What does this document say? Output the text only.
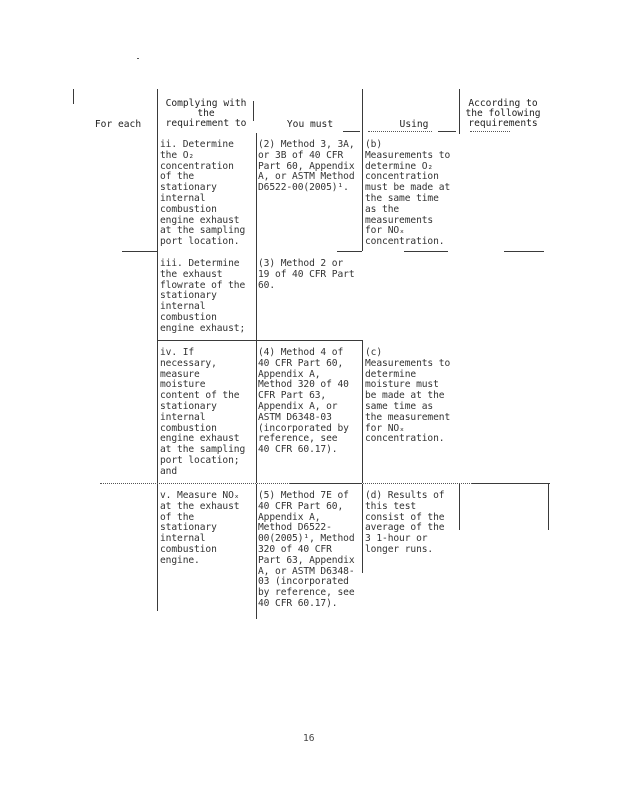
For each
Complying with
the
requirement to	You must	Using
According to
the following
requirements
ii. Determine
the O₂
concentration
of the
stationary
internal
combustion
engine exhaust
at the sampling
port location.
(2) Method 3, 3A,
or 3B of 40 CFR
Part 60, Appendix
A, or ASTM Method
D6522-00(2005)¹.
(b)
Measurements to
determine O₂
concentration
must be made at
the same time
as the
measurements
for NOₓ
concentration.
iii. Determine
the exhaust
flowrate of the
stationary
internal
combustion
engine exhaust;
(3) Method 2 or
19 of 40 CFR Part
60.
iv. If
necessary,
measure
moisture
content of the
stationary
internal
combustion
engine exhaust
at the sampling
port location;
and
(4) Method 4 of
40 CFR Part 60,
Appendix A,
Method 320 of 40
CFR Part 63,
Appendix A, or
ASTM D6348-03
(incorporated by
reference, see
40 CFR 60.17).
(c)
Measurements to
determine
moisture must
be made at the
same time as
the measurement
for NOₓ
concentration.
v. Measure NOₓ
at the exhaust
of the
stationary
internal
combustion
engine.
(5) Method 7E of
40 CFR Part 60,
Appendix A,
Method D6522-
00(2005)¹, Method
320 of 40 CFR
Part 63, Appendix
A, or ASTM D6348-
03 (incorporated
by reference, see
40 CFR 60.17).
(d) Results of
this test
consist of the
average of the
3 1-hour or
longer runs.
16
